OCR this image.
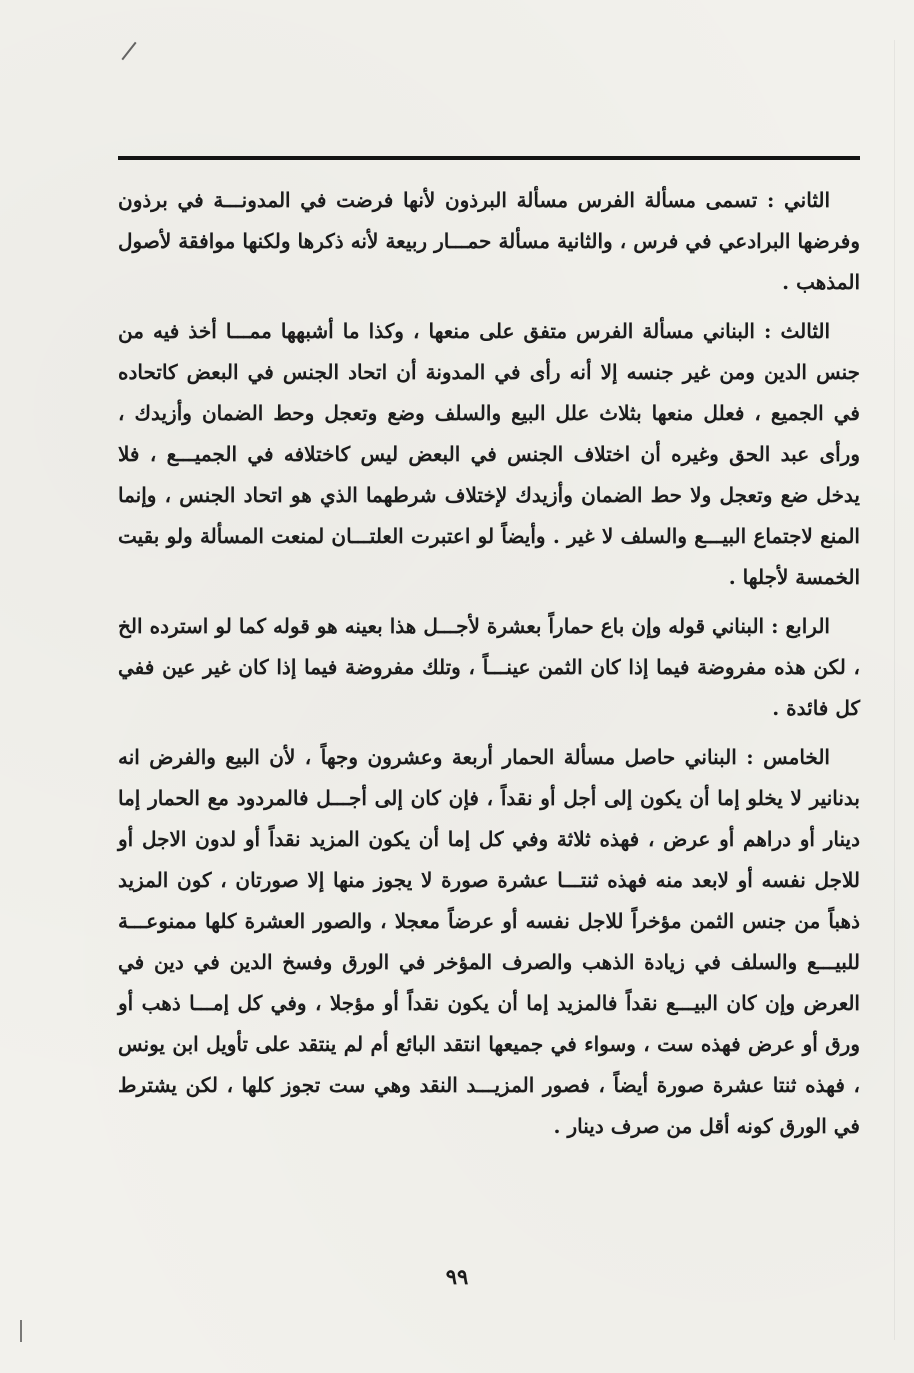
الثاني : تسمى مسألة الفرس مسألة البرذون لأنها فرضت في المدونـــة في برذون وفرضها البرادعي في فرس ، والثانية مسألة حمـــار ربيعة لأنه ذكرها ولكنها موافقة لأصول المذهب .

الثالث : البناني مسألة الفرس متفق على منعها ، وكذا ما أشبهها ممـــا أخذ فيه من جنس الدين ومن غير جنسه إلا أنه رأى في المدونة أن اتحاد الجنس في البعض كاتحاده في الجميع ، فعلل منعها بثلاث علل البيع والسلف وضع وتعجل وحط الضمان وأزيدك ، ورأى عبد الحق وغيره أن اختلاف الجنس في البعض ليس كاختلافه في الجميـــع ، فلا يدخل ضع وتعجل ولا حط الضمان وأزيدك لإختلاف شرطهما الذي هو اتحاد الجنس ، وإنما المنع لاجتماع البيـــع والسلف لا غير . وأيضاً لو اعتبرت العلتـــان لمنعت المسألة ولو بقيت الخمسة لأجلها .

الرابع : البناني قوله وإن باع حماراً بعشرة لأجـــل هذا بعينه هو قوله كما لو استرده الخ ، لكن هذه مفروضة فيما إذا كان الثمن عينـــاً ، وتلك مفروضة فيما إذا كان غير عين ففي كل فائدة .

الخامس : البناني حاصل مسألة الحمار أربعة وعشرون وجهاً ، لأن البيع والفرض انه بدنانير لا يخلو إما أن يكون إلى أجل أو نقداً ، فإن كان إلى أجـــل فالمردود مع الحمار إما دينار أو دراهم أو عرض ، فهذه ثلاثة وفي كل إما أن يكون المزيد نقداً أو لدون الاجل أو للاجل نفسه أو لابعد منه فهذه ثنتـــا عشرة صورة لا يجوز منها إلا صورتان ، كون المزيد ذهباً من جنس الثمن مؤخراً للاجل نفسه أو عرضاً معجلا ، والصور العشرة كلها ممنوعـــة للبيـــع والسلف في زيادة الذهب والصرف المؤخر في الورق وفسخ الدين في دين في العرض وإن كان البيـــع نقداً فالمزيد إما أن يكون نقداً أو مؤجلا ، وفي كل إمـــا ذهب أو ورق أو عرض فهذه ست ، وسواء في جميعها انتقد البائع أم لم ينتقد على تأويل ابن يونس ، فهذه ثنتا عشرة صورة أيضاً ، فصور المزيـــد النقد وهي ست تجوز كلها ، لكن يشترط في الورق كونه أقل من صرف دينار .

٩٩
